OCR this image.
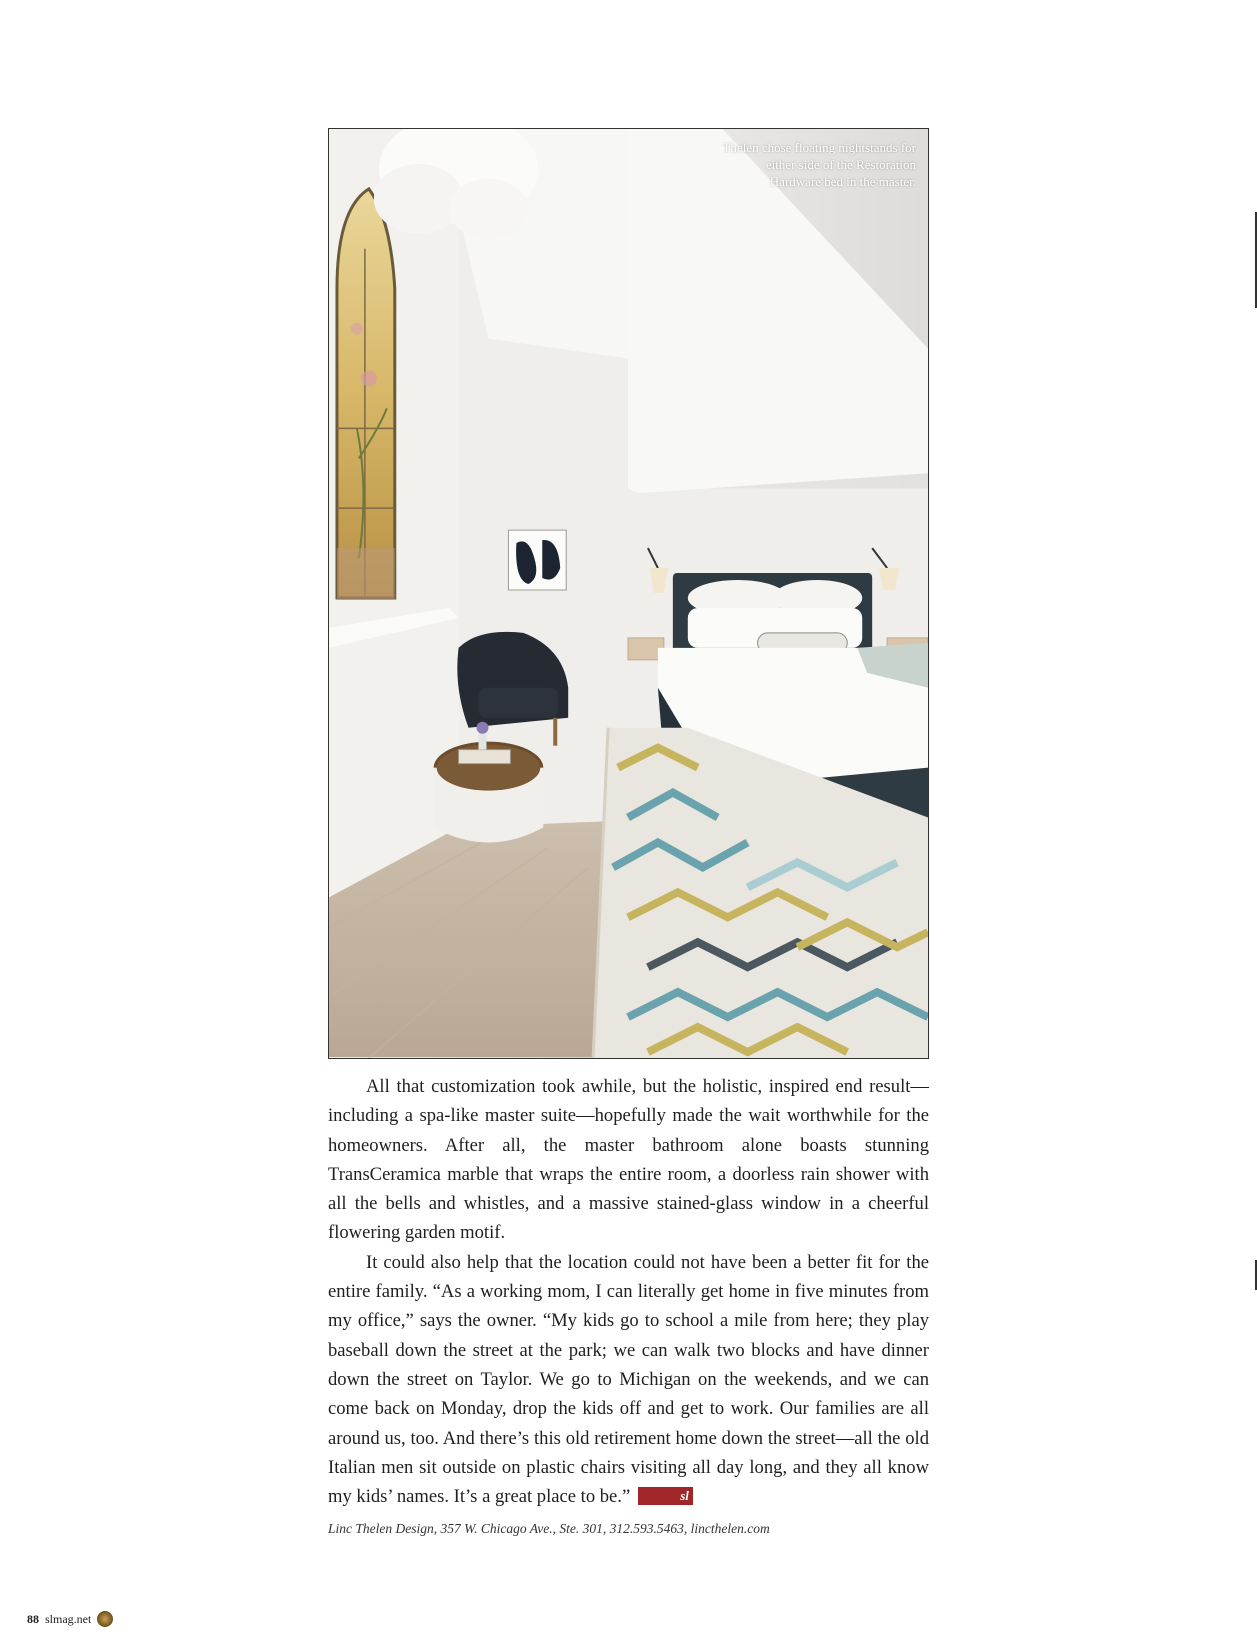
Thelen chose floating nightstands for either side of the Restoration Hardware bed in the master.

All that customization took awhile, but the holistic, inspired end result—including a spa-like master suite—hopefully made the wait worthwhile for the homeowners. After all, the master bathroom alone boasts stunning TransCeramica marble that wraps the entire room, a doorless rain shower with all the bells and whistles, and a massive stained-glass window in a cheerful flowering garden motif.

It could also help that the location could not have been a better fit for the entire family. “As a working mom, I can literally get home in five minutes from my office,” says the owner. “My kids go to school a mile from here; they play baseball down the street at the park; we can walk two blocks and have dinner down the street on Taylor. We go to Michigan on the weekends, and we can come back on Monday, drop the kids off and get to work. Our families are all around us, too. And there’s this old retirement home down the street—all the old Italian men sit outside on plastic chairs visiting all day long, and they all know my kids’ names. It’s a great place to be.”	sl

Linc Thelen Design, 357 W. Chicago Ave., Ste. 301, 312.593.5463, lincthelen.com
88 slmag.net
